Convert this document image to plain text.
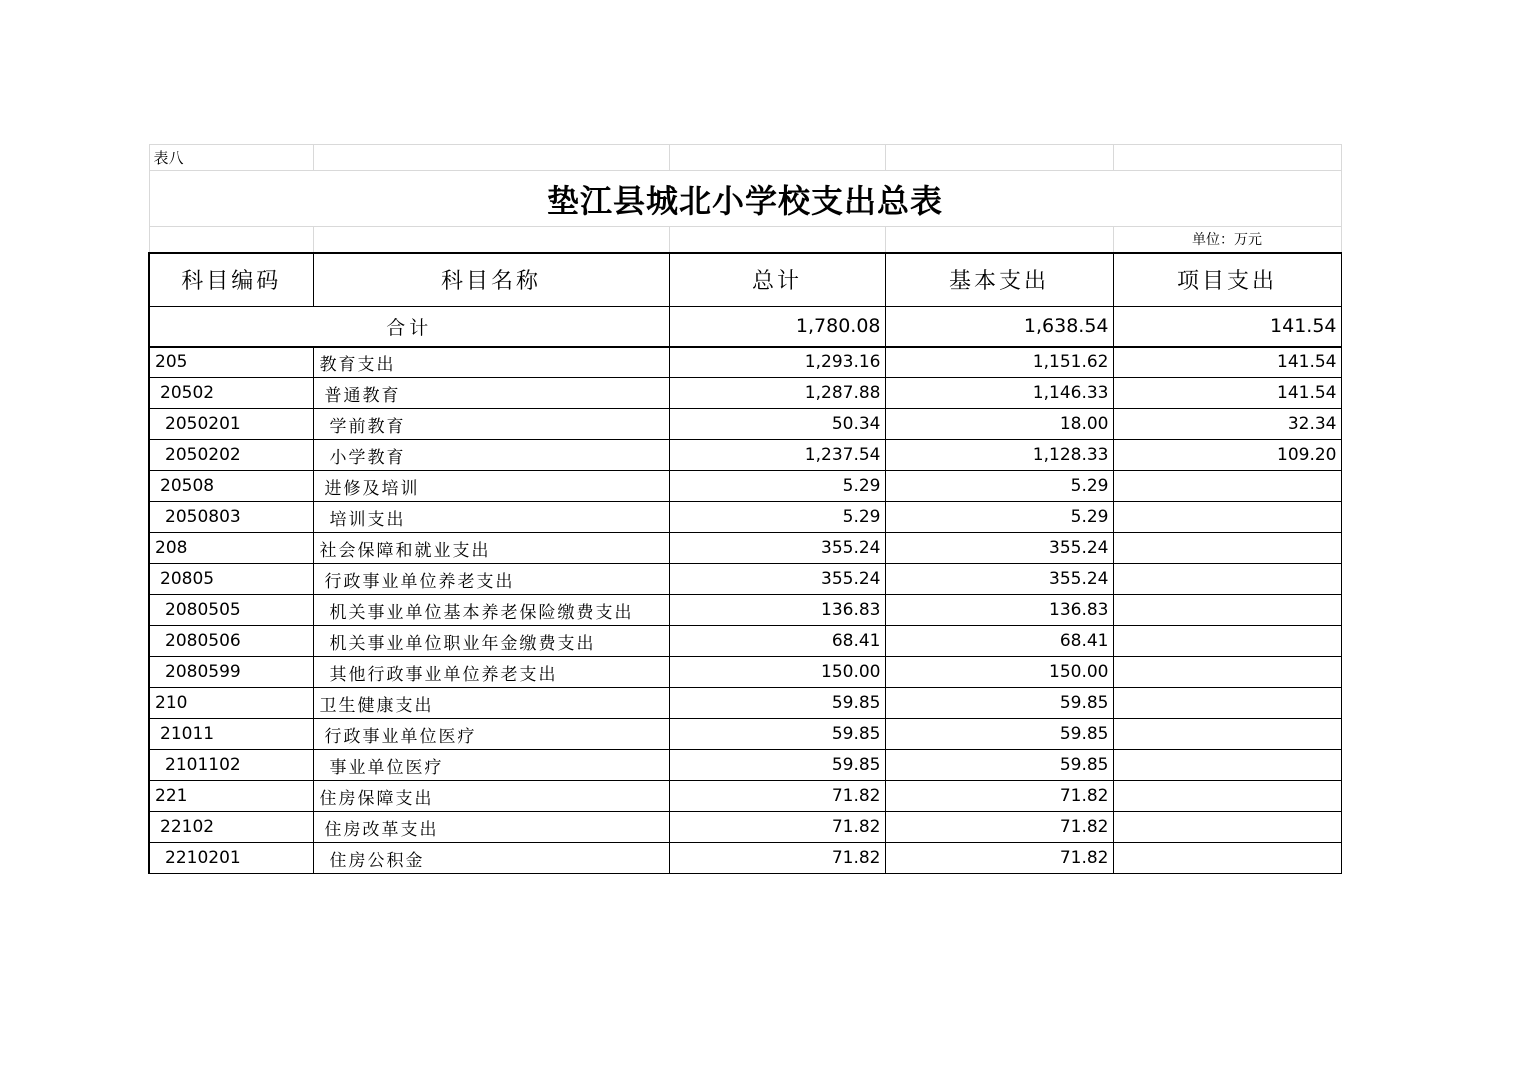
表八				
垫江县城北小学校支出总表				
				单位：万元
科目编码	科目名称	总计	基本支出	项目支出
合计		1,780.08	1,638.54	141.54
205	教育支出	1,293.16	1,151.62	141.54
20502	普通教育	1,287.88	1,146.33	141.54
2050201	学前教育	50.34	18.00	32.34
2050202	小学教育	1,237.54	1,128.33	109.20
20508	进修及培训	5.29	5.29	
2050803	培训支出	5.29	5.29	
208	社会保障和就业支出	355.24	355.24	
20805	行政事业单位养老支出	355.24	355.24	
2080505	机关事业单位基本养老保险缴费支出	136.83	136.83	
2080506	机关事业单位职业年金缴费支出	68.41	68.41	
2080599	其他行政事业单位养老支出	150.00	150.00	
210	卫生健康支出	59.85	59.85	
21011	行政事业单位医疗	59.85	59.85	
2101102	事业单位医疗	59.85	59.85	
221	住房保障支出	71.82	71.82	
22102	住房改革支出	71.82	71.82	
2210201	住房公积金	71.82	71.82	
